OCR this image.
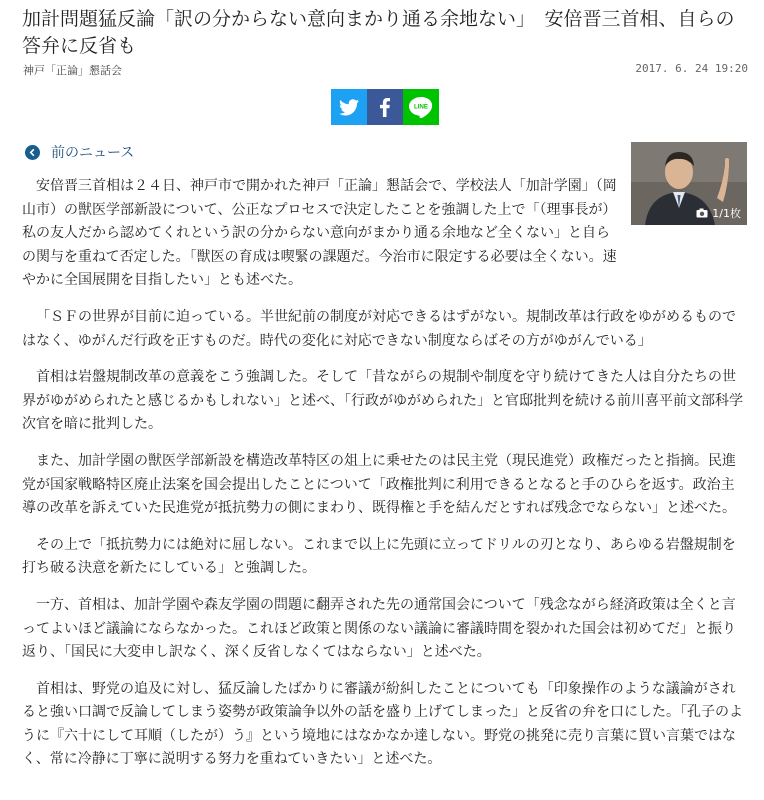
加計問題猛反論「訳の分からない意向まかり通る余地ない」　安倍晋三首相、自らの答弁に反省も
神戸「正論」懇話会	2017. 6. 24 19:20
LINE
前のニュース
1/1枚

安倍晋三首相は２４日、神戸市で開かれた神戸「正論」懇話会で、学校法人「加計学園」（岡山市）の獣医学部新設について、公正なプロセスで決定したことを強調した上で「（理事長が）私の友人だから認めてくれという訳の分からない意向がまかり通る余地など全くない」と自らの関与を重ねて否定した。「獣医の育成は喫緊の課題だ。今治市に限定する必要は全くない。速やかに全国展開を目指したい」とも述べた。

「ＳＦの世界が目前に迫っている。半世紀前の制度が対応できるはずがない。規制改革は行政をゆがめるものではなく、ゆがんだ行政を正すものだ。時代の変化に対応できない制度ならばその方がゆがんでいる」

首相は岩盤規制改革の意義をこう強調した。そして「昔ながらの規制や制度を守り続けてきた人は自分たちの世界がゆがめられたと感じるかもしれない」と述べ、「行政がゆがめられた」と官邸批判を続ける前川喜平前文部科学次官を暗に批判した。

また、加計学園の獣医学部新設を構造改革特区の俎上に乗せたのは民主党（現民進党）政権だったと指摘。民進党が国家戦略特区廃止法案を国会提出したことについて「政権批判に利用できるとなると手のひらを返す。政治主導の改革を訴えていた民進党が抵抗勢力の側にまわり、既得権と手を結んだとすれば残念でならない」と述べた。

その上で「抵抗勢力には絶対に屈しない。これまで以上に先頭に立ってドリルの刃となり、あらゆる岩盤規制を打ち破る決意を新たにしている」と強調した。

一方、首相は、加計学園や森友学園の問題に翻弄された先の通常国会について「残念ながら経済政策は全くと言ってよいほど議論にならなかった。これほど政策と関係のない議論に審議時間を裂かれた国会は初めてだ」と振り返り、「国民に大変申し訳なく、深く反省しなくてはならない」と述べた。

首相は、野党の追及に対し、猛反論したばかりに審議が紛糾したことについても「印象操作のような議論がされると強い口調で反論してしまう姿勢が政策論争以外の話を盛り上げてしまった」と反省の弁を口にした。「孔子のように『六十にして耳順（したが）う』という境地にはなかなか達しない。野党の挑発に売り言葉に買い言葉ではなく、常に冷静に丁寧に説明する努力を重ねていきたい」と述べた。
